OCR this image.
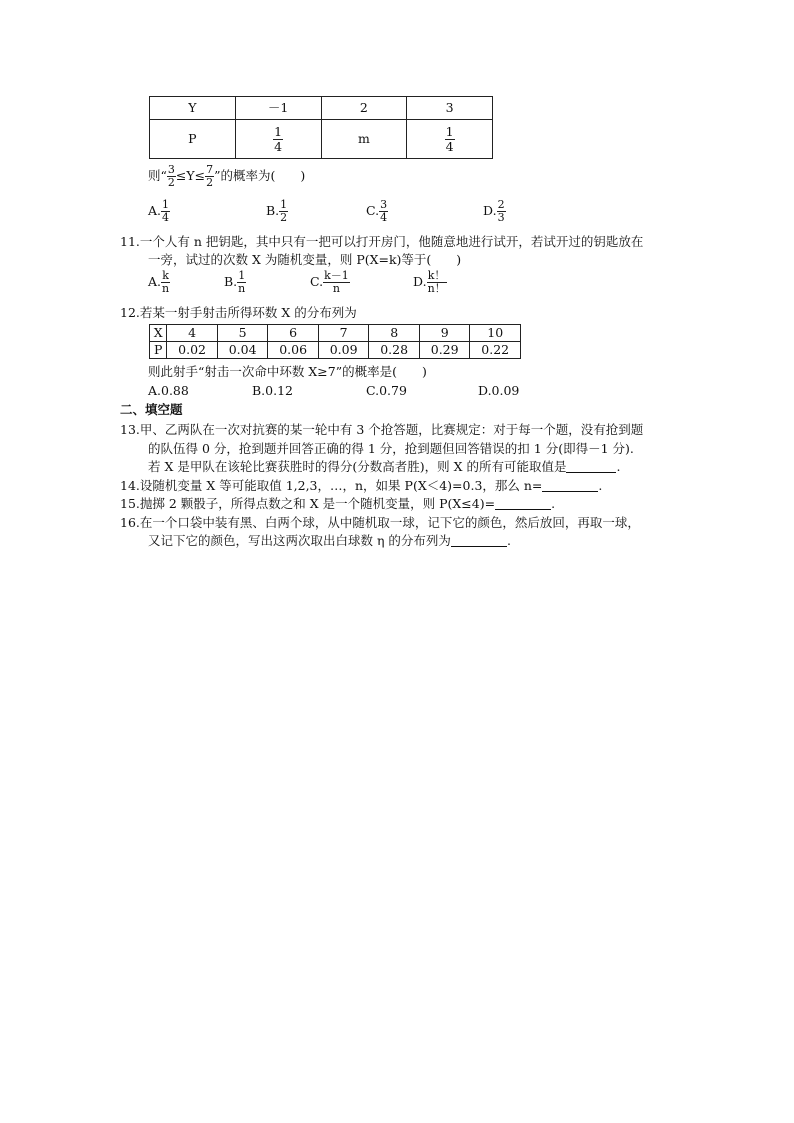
Y	－1	2	3
P	$\frac{1}{4}$	m	$\frac{1}{4}$
则“ $\frac{3}{2} \le Y\le \frac{7}{2}$ ”的概率为(　　)
A. $\frac{1}{4}$	B. $\frac{1}{2}$	C. $\frac{3}{4}$	D. $\frac{2}{3}$
11.一个人有 n 把钥匙，其中只有一把可以打开房门，他随意地进行试开，若试开过的钥匙放在
一旁，试过的次数 X 为随机变量，则 P(X=k)等于(　　)
A. $\frac{k}{n}$	B. $\frac{1}{n}$	C. $\frac{k-1}{n}$	D. $\frac{k!}{n!}$
12.若某一射手射击所得环数 X 的分布列为
X	4	5	6	7	8	9	10
P	0.02	0.04	0.06	0.09	0.28	0.29	0.22
则此射手“射击一次命中环数 X≥7”的概率是(　　)
A.0.88	B.0.12	C.0.79	D.0.09
二、填空题
13.甲、乙两队在一次对抗赛的某一轮中有 3 个抢答题，比赛规定：对于每一个题，没有抢到题
的队伍得 0 分，抢到题并回答正确的得 1 分，抢到题但回答错误的扣 1 分(即得－1 分).
若 X 是甲队在该轮比赛获胜时的得分(分数高者胜)，则 X 的所有可能取值是	.
14.设随机变量 X 等可能取值 1,2,3，…，n，如果 P(X＜4)=0.3，那么 n=	.
15.抛掷 2 颗骰子，所得点数之和 X 是一个随机变量，则 P(X≤4)=	.
16.在一个口袋中装有黑、白两个球，从中随机取一球，记下它的颜色，然后放回，再取一球，
又记下它的颜色，写出这两次取出白球数 η 的分布列为	.
